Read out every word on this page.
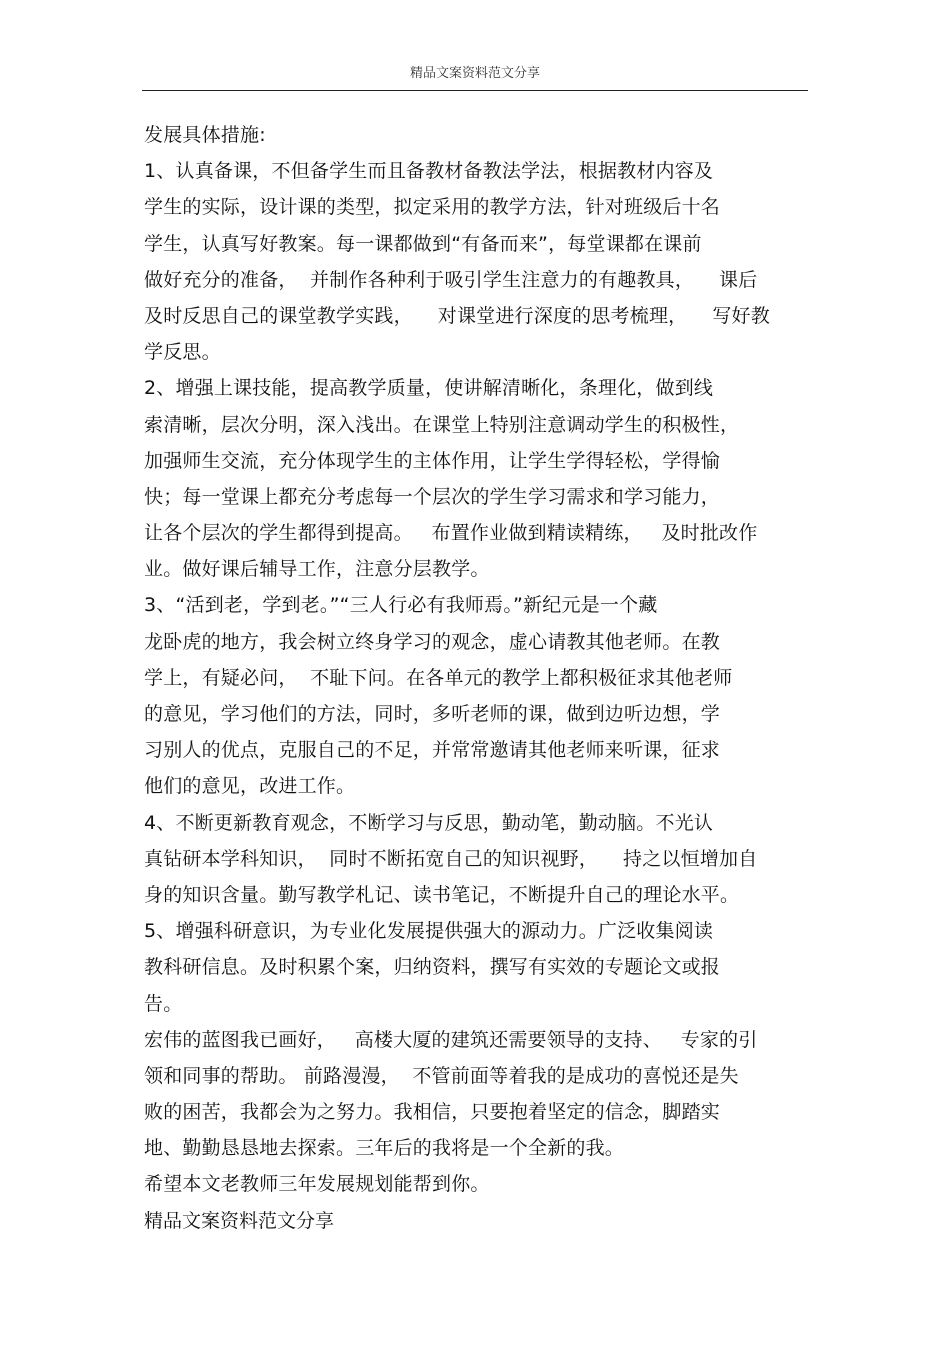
精品文案资料范文分享
发展具体措施:
1、认真备课，不但备学生而且备教材备教法学法，根据教材内容及
学生的实际，设计课的类型，拟定采用的教学方法，针对班级后十名
学生，认真写好教案。每一课都做到“有备而来”，每堂课都在课前
做好充分的准备，  并制作各种利于吸引学生注意力的有趣教具，    课后
及时反思自己的课堂教学实践，    对课堂进行深度的思考梳理，    写好教
学反思。
2、增强上课技能，提高教学质量，使讲解清晰化，条理化，做到线
索清晰，层次分明，深入浅出。在课堂上特别注意调动学生的积极性，
加强师生交流，充分体现学生的主体作用，让学生学得轻松，学得愉
快；每一堂课上都充分考虑每一个层次的学生学习需求和学习能力，
让各个层次的学生都得到提高。   布置作业做到精读精练，   及时批改作
业。做好课后辅导工作，注意分层教学。
3、“活到老，学到老。”“三人行必有我师焉。”新纪元是一个藏
龙卧虎的地方，我会树立终身学习的观念，虚心请教其他老师。在教
学上，有疑必问，  不耻下问。在各单元的教学上都积极征求其他老师
的意见，学习他们的方法，同时，多听老师的课，做到边听边想，学
习别人的优点，克服自己的不足，并常常邀请其他老师来听课，征求
他们的意见，改进工作。
4、不断更新教育观念，不断学习与反思，勤动笔，勤动脑。不光认
真钻研本学科知识，  同时不断拓宽自己的知识视野，    持之以恒增加自
身的知识含量。勤写教学札记、读书笔记，不断提升自己的理论水平。
5、增强科研意识，为专业化发展提供强大的源动力。广泛收集阅读
教科研信息。及时积累个案，归纳资料，撰写有实效的专题论文或报
告。
宏伟的蓝图我已画好，   高楼大厦的建筑还需要领导的支持、   专家的引
领和同事的帮助。 前路漫漫，  不管前面等着我的是成功的喜悦还是失
败的困苦，我都会为之努力。我相信，只要抱着坚定的信念，脚踏实
地、勤勤恳恳地去探索。三年后的我将是一个全新的我。
希望本文老教师三年发展规划能帮到你。
精品文案资料范文分享
